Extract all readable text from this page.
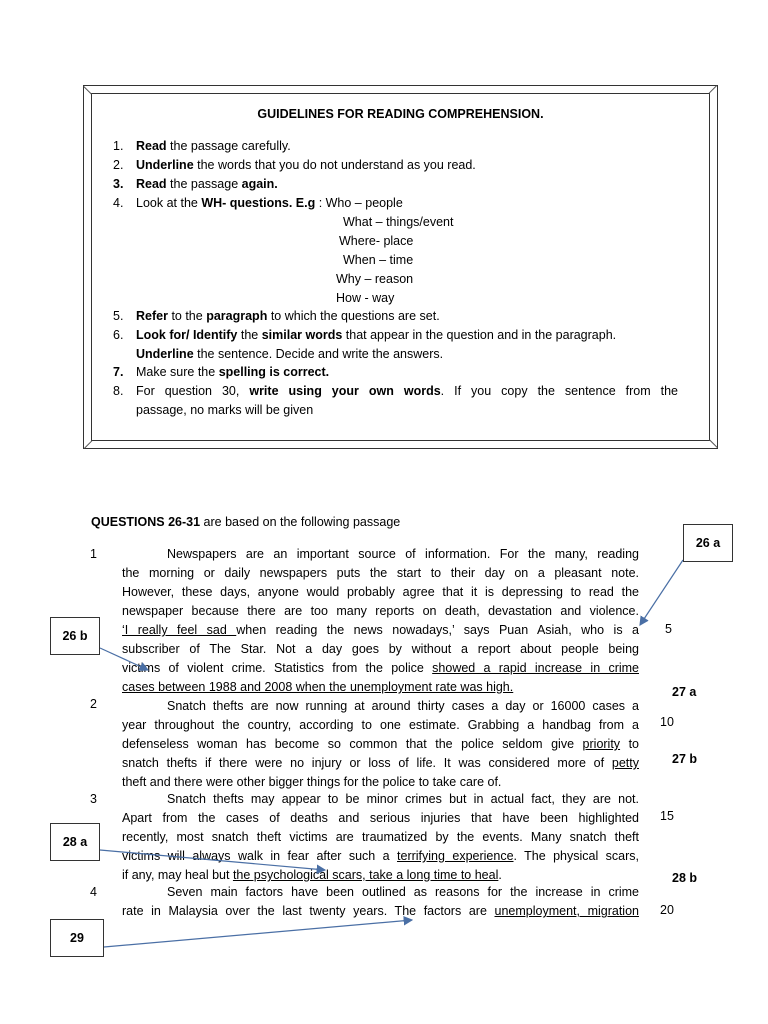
GUIDELINES FOR READING COMPREHENSION.
1. Read the passage carefully.
2. Underline the words that you do not understand as you read.
3. Read the passage again.
4. Look at the WH- questions. E.g : Who – people
What – things/event
Where- place
When – time
Why – reason
How - way
5. Refer to the paragraph to which the questions are set.
6. Look for/ Identify the similar words that appear in the question and in the paragraph.
Underline the sentence. Decide and write the answers.
7. Make sure the spelling is correct.
8. For question 30, write using your own words. If you copy the sentence from the
passage, no marks will be given
QUESTIONS 26-31 are based on the following passage
1	Newspapers are an important source of information. For the many, reading
the morning or daily newspapers puts the start to their day on a pleasant note.
However, these days, anyone would probably agree that it is depressing to read the
newspaper because there are too many reports on death, devastation and violence.
‘I really feel sad when reading the news nowadays,’ says Puan Asiah, who is a
subscriber of The Star. Not a day goes by without a report about people being
victims of violent crime. Statistics from the police showed a rapid increase in crime
cases between 1988 and 2008 when the unemployment rate was high.
2	Snatch thefts are now running at around thirty cases a day or 16000 cases a
year throughout the country, according to one estimate. Grabbing a handbag from a
defenseless woman has become so common that the police seldom give priority to
snatch thefts if there were no injury or loss of life. It was considered more of petty
theft and there were other bigger things for the police to take care of.
3	Snatch thefts may appear to be minor crimes but in actual fact, they are not.
Apart from the cases of deaths and serious injuries that have been highlighted
recently, most snatch theft victims are traumatized by the events. Many snatch theft
victims will always walk in fear after such a terrifying experience. The physical scars,
if any, may heal but the psychological scars, take a long time to heal.
4	Seven main factors have been outlined as reasons for the increase in crime
rate in Malaysia over the last twenty years. The factors are unemployment, migration
5
10
15
20
26 a
26 b
28 a
29
27 a
27 b
28 b
